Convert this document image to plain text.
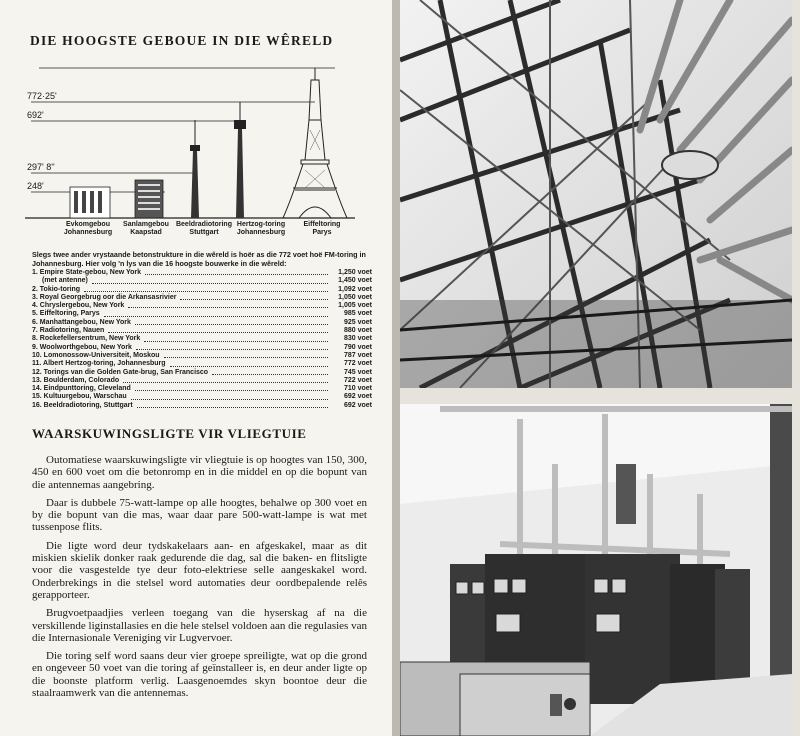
DIE HOOGSTE GEBOUE IN DIE WÊRELD
772·25'
692'
297' 8''
248'
Evkomgebou Johannesburg
Sanlamgebou Kaapstad
Beeldradiotoring Stuttgart
Hertzog-toring Johannesburg
Eiffeltoring Parys
Slegs twee ander vrystaande betonstrukture in die wêreld is hoër as die 772 voet hoë FM-toring in Johannesburg. Hier volg 'n lys van die 16 hoogste bouwerke in die wêreld:
1. Empire State-gebou, New York	1,250 voet
(met antenne)	1,450 voet
2. Tokio-toring	1,092 voet
3. Royal Georgebrug oor die Arkansasrivier	1,050 voet
4. Chryslergebou, New York	1,005 voet
5. Eiffeltoring, Parys	985 voet
6. Manhattangebou, New York	925 voet
7. Radiotoring, Nauen	880 voet
8. Rockefellersentrum, New York	830 voet
9. Woolworthgebou, New York	790 voet
10. Lomonossow-Universiteit, Moskou	787 voet
11. Albert Hertzog-toring, Johannesburg	772 voet
12. Torings van die Golden Gate-brug, San Francisco	745 voet
13. Boulderdam, Colorado	722 voet
14. Eindpunttoring, Cleveland	710 voet
15. Kultuurgebou, Warschau	692 voet
16. Beeldradiotoring, Stuttgart	692 voet
WAARSKUWINGSLIGTE VIR VLIEGTUIE

Outomatiese waarskuwingsligte vir vliegtuie is op hoogtes van 150, 300, 450 en 600 voet om die betonromp en in die middel en op die bopunt van die antennemas aangebring.

Daar is dubbele 75-watt-lampe op alle hoogtes, behalwe op 300 voet en by die bopunt van die mas, waar daar pare 500-watt-lampe is wat met tussenpose flits.

Die ligte word deur tydskakelaars aan- en afgeskakel, maar as dit miskien skielik donker raak gedurende die dag, sal die baken- en flitsligte voor die vasgestelde tye deur foto-elektriese selle aangeskakel word. Onderbrekings in die stelsel word automaties deur oordbepalende relês gerapporteer.

Brugvoetpaadjies verleen toegang van die hyserskag af na die verskillende liginstallasies en die hele stelsel voldoen aan die regulasies van die Internasionale Vereniging vir Lugvervoer.

Die toring self word saans deur vier groepe spreiligte, wat op die grond en ongeveer 50 voet van die toring af geïnstalleer is, en deur ander ligte op die boonste platform verlig. Laasgenoemdes skyn boontoe deur die staalraamwerk van die antennemas.
